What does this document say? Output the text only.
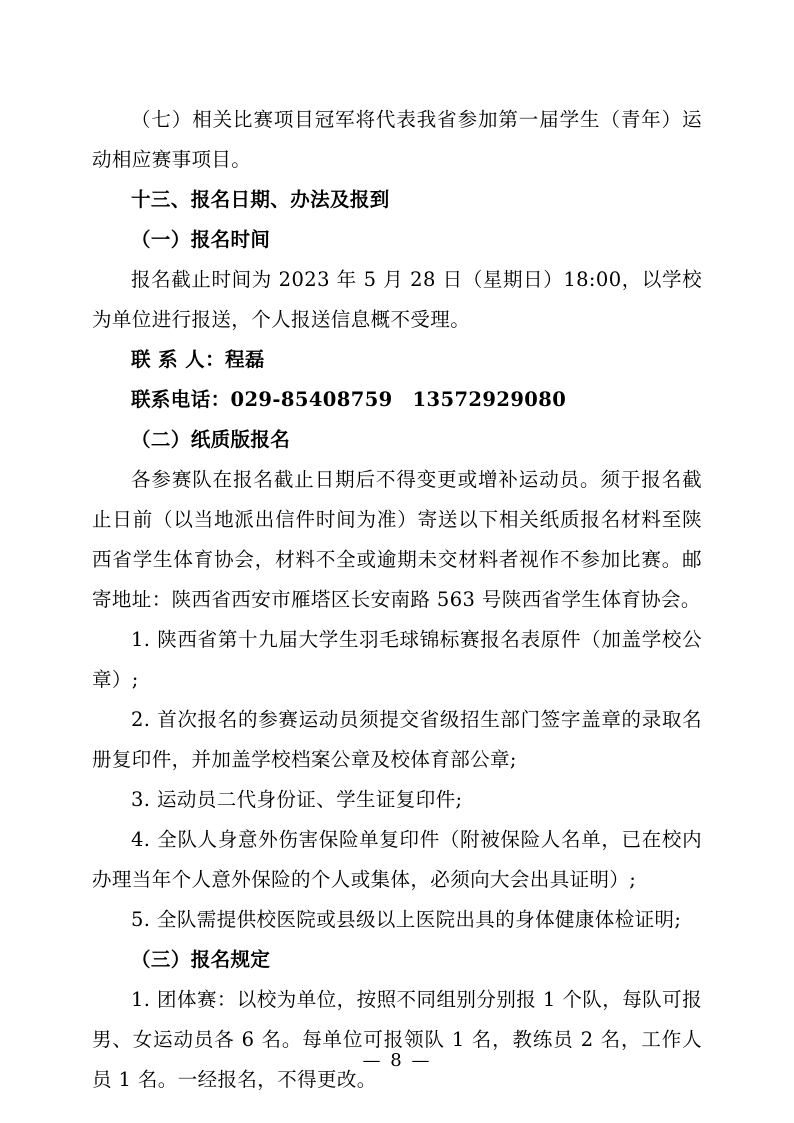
（七）相关比赛项目冠军将代表我省参加第一届学生（青年）运动相应赛事项目。

十三、报名日期、办法及报到

（一）报名时间

报名截止时间为 2023 年 5 月 28 日（星期日）18:00，以学校为单位进行报送，个人报送信息概不受理。

联 系 人：程磊

联系电话：029-85408759　13572929080

（二）纸质版报名

各参赛队在报名截止日期后不得变更或增补运动员。须于报名截止日前（以当地派出信件时间为准）寄送以下相关纸质报名材料至陕西省学生体育协会，材料不全或逾期未交材料者视作不参加比赛。邮寄地址：陕西省西安市雁塔区长安南路 563 号陕西省学生体育协会。

1. 陕西省第十九届大学生羽毛球锦标赛报名表原件（加盖学校公章）;

2. 首次报名的参赛运动员须提交省级招生部门签字盖章的录取名册复印件，并加盖学校档案公章及校体育部公章;

3. 运动员二代身份证、学生证复印件;

4. 全队人身意外伤害保险单复印件（附被保险人名单，已在校内办理当年个人意外保险的个人或集体，必须向大会出具证明）;

5. 全队需提供校医院或县级以上医院出具的身体健康体检证明;

（三）报名规定

1. 团体赛：以校为单位，按照不同组别分别报 1 个队，每队可报男、女运动员各 6 名。每单位可报领队 1 名，教练员 2 名，工作人员 1 名。一经报名，不得更改。

— 8 —
